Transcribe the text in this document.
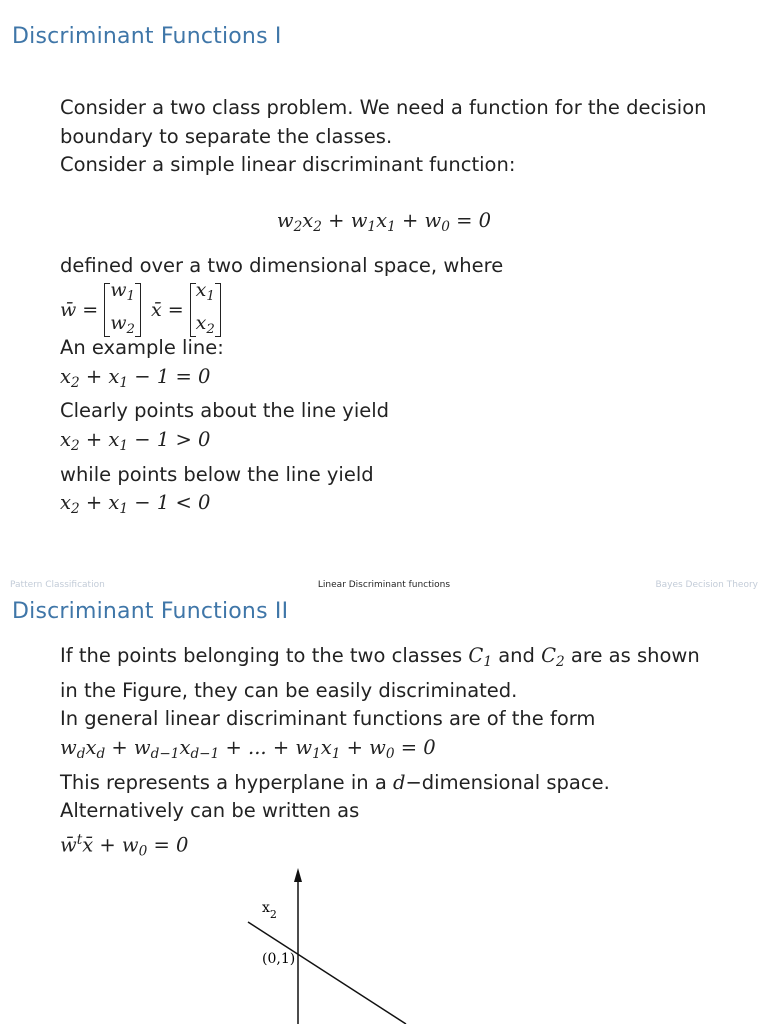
Discriminant Functions I
Consider a two class problem. We need a function for the decision
boundary to separate the classes.
Consider a simple linear discriminant function:
$w_2x_2 + w_1x_1 + w_0 = 0$
defined over a two dimensional space, where
w̄ =
$w_1$
$w_2$
x̄ =
$x_1$
$x_2$
An example line:
$x_2 + x_1 - 1 = 0$
Clearly points about the line yield
$x_2 + x_1 - 1 > 0$
while points below the line yield
$x_2 + x_1 - 1 < 0$
Pattern Classification	Linear Discriminant functions	Bayes Decision Theory
Discriminant Functions II
If the points belonging to the two classes $C_1$ and $C_2$ are as shown
in the Figure, they can be easily discriminated.
In general linear discriminant functions are of the form
$w_dx_d + w_{d-1}x_{d-1}$ + ... + $w_1x_1 + w_0 = 0$
This represents a hyperplane in a d−dimensional space.
Alternatively can be written as
w̄$^t$x̄ + $w_0 = 0$
$x_2$
(0,1)
